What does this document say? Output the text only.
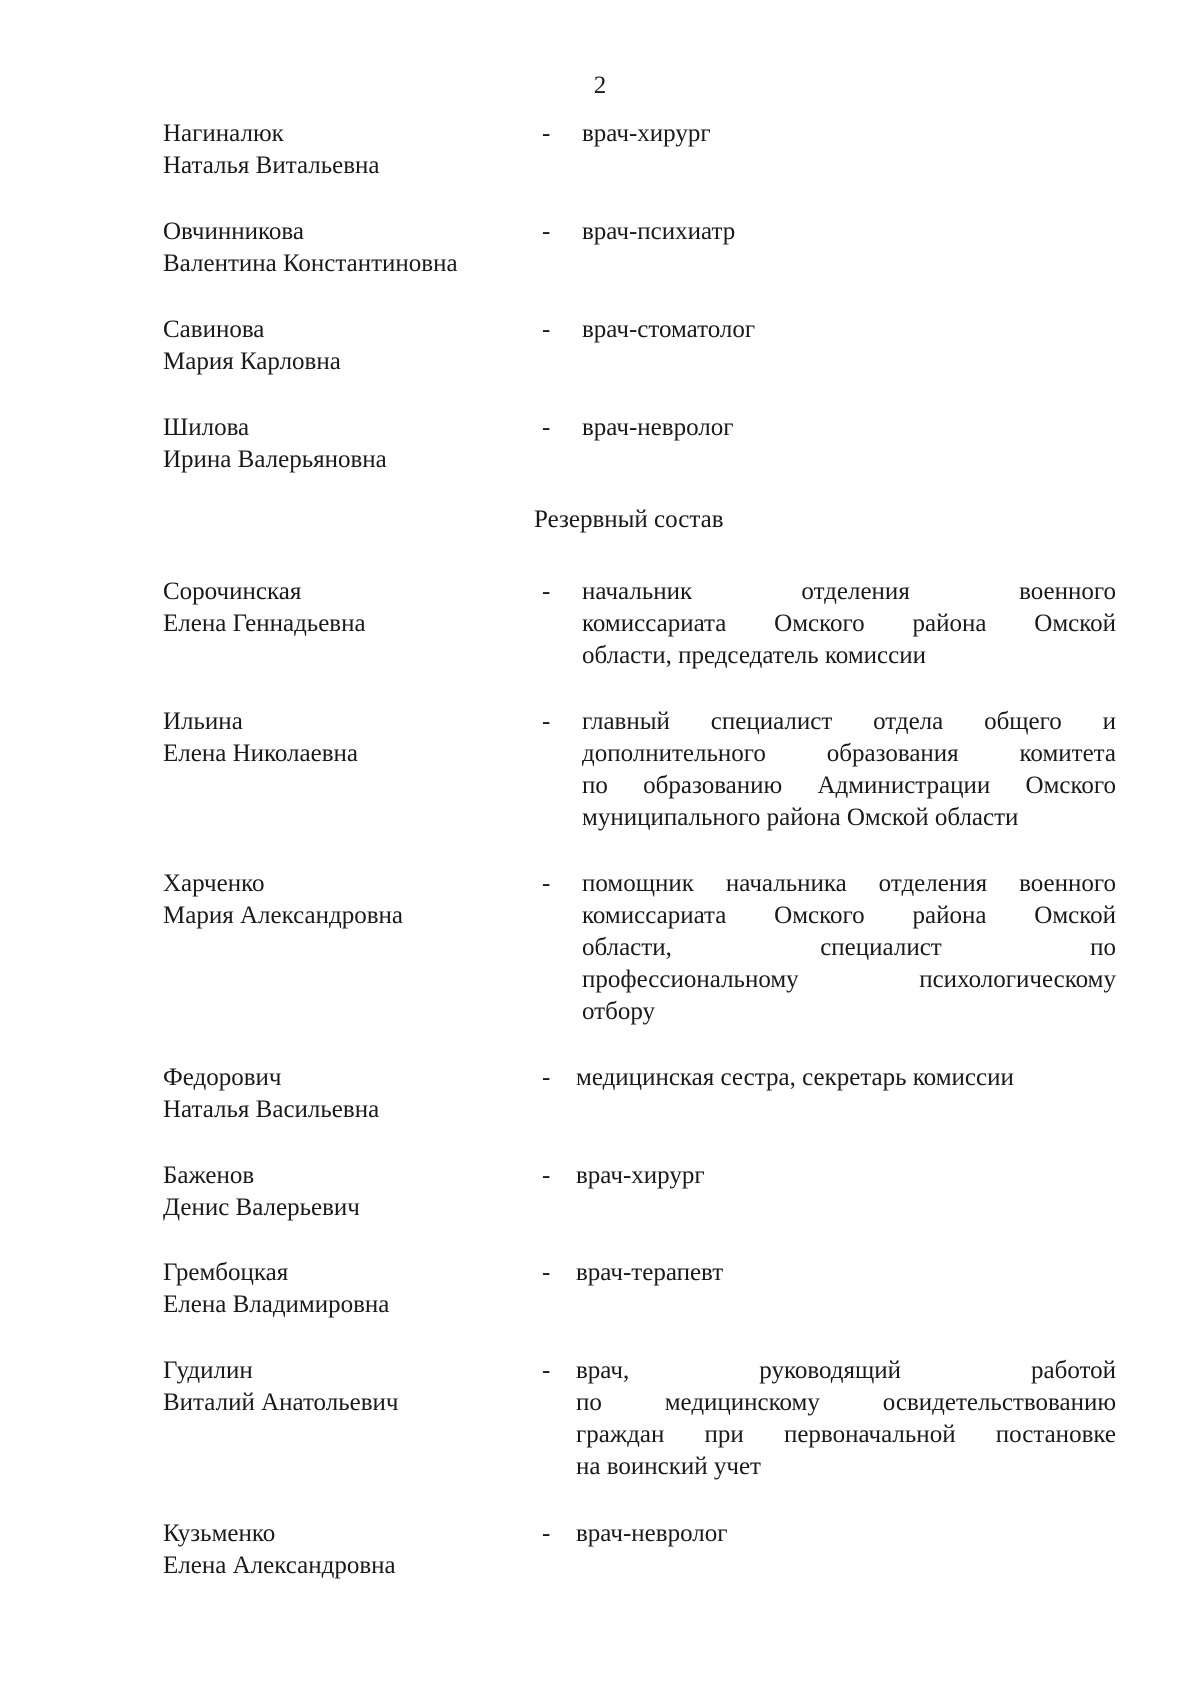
2
Нагиналюк
Наталья Витальевна
- врач-хирург
Овчинникова
Валентина Константиновна
- врач-психиатр
Савинова
Мария Карловна
- врач-стоматолог
Шилова
Ирина Валерьяновна
- врач-невролог
Резервный состав
Сорочинская
Елена Геннадьевна
- начальник отделения военного
комиссариата Омского района Омской
области, председатель комиссии
Ильина
Елена Николаевна
- главный специалист отдела общего и
дополнительного образования комитета
по образованию Администрации Омского
муниципального района Омской области
Харченко
Мария Александровна
- помощник начальника отделения военного
комиссариата Омского района Омской
области, специалист по
профессиональному психологическому
отбору
Федорович
Наталья Васильевна
- медицинская сестра, секретарь комиссии
Баженов
Денис Валерьевич
- врач-хирург
Грембоцкая
Елена Владимировна
- врач-терапевт
Гудилин
Виталий Анатольевич
- врач, руководящий работой
по медицинскому освидетельствованию
граждан при первоначальной постановке
на воинский учет
Кузьменко
Елена Александровна
- врач-невролог
